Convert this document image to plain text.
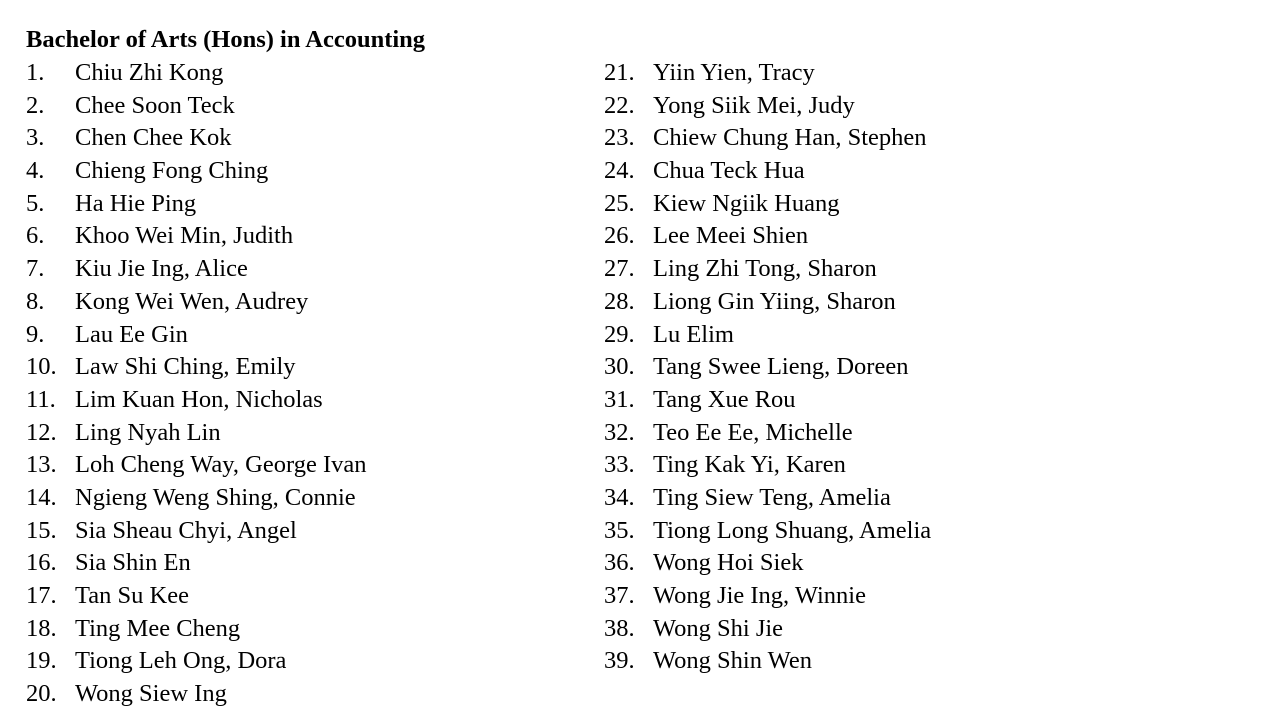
Bachelor of Arts (Hons) in Accounting
1. Chiu Zhi Kong
2. Chee Soon Teck
3. Chen Chee Kok
4. Chieng Fong Ching
5. Ha Hie Ping
6. Khoo Wei Min, Judith
7. Kiu Jie Ing, Alice
8. Kong Wei Wen, Audrey
9. Lau Ee Gin
10. Law Shi Ching, Emily
11. Lim Kuan Hon, Nicholas
12. Ling Nyah Lin
13. Loh Cheng Way, George Ivan
14. Ngieng Weng Shing, Connie
15. Sia Sheau Chyi, Angel
16. Sia Shin En
17. Tan Su Kee
18. Ting Mee Cheng
19. Tiong Leh Ong, Dora
20. Wong Siew Ing
21. Yiin Yien, Tracy
22. Yong Siik Mei, Judy
23. Chiew Chung Han, Stephen
24. Chua Teck Hua
25. Kiew Ngiik Huang
26. Lee Meei Shien
27. Ling Zhi Tong, Sharon
28. Liong Gin Yiing, Sharon
29. Lu Elim
30. Tang Swee Lieng, Doreen
31. Tang Xue Rou
32. Teo Ee Ee, Michelle
33. Ting Kak Yi, Karen
34. Ting Siew Teng, Amelia
35. Tiong Long Shuang, Amelia
36. Wong Hoi Siek
37. Wong Jie Ing, Winnie
38. Wong Shi Jie
39. Wong Shin Wen
